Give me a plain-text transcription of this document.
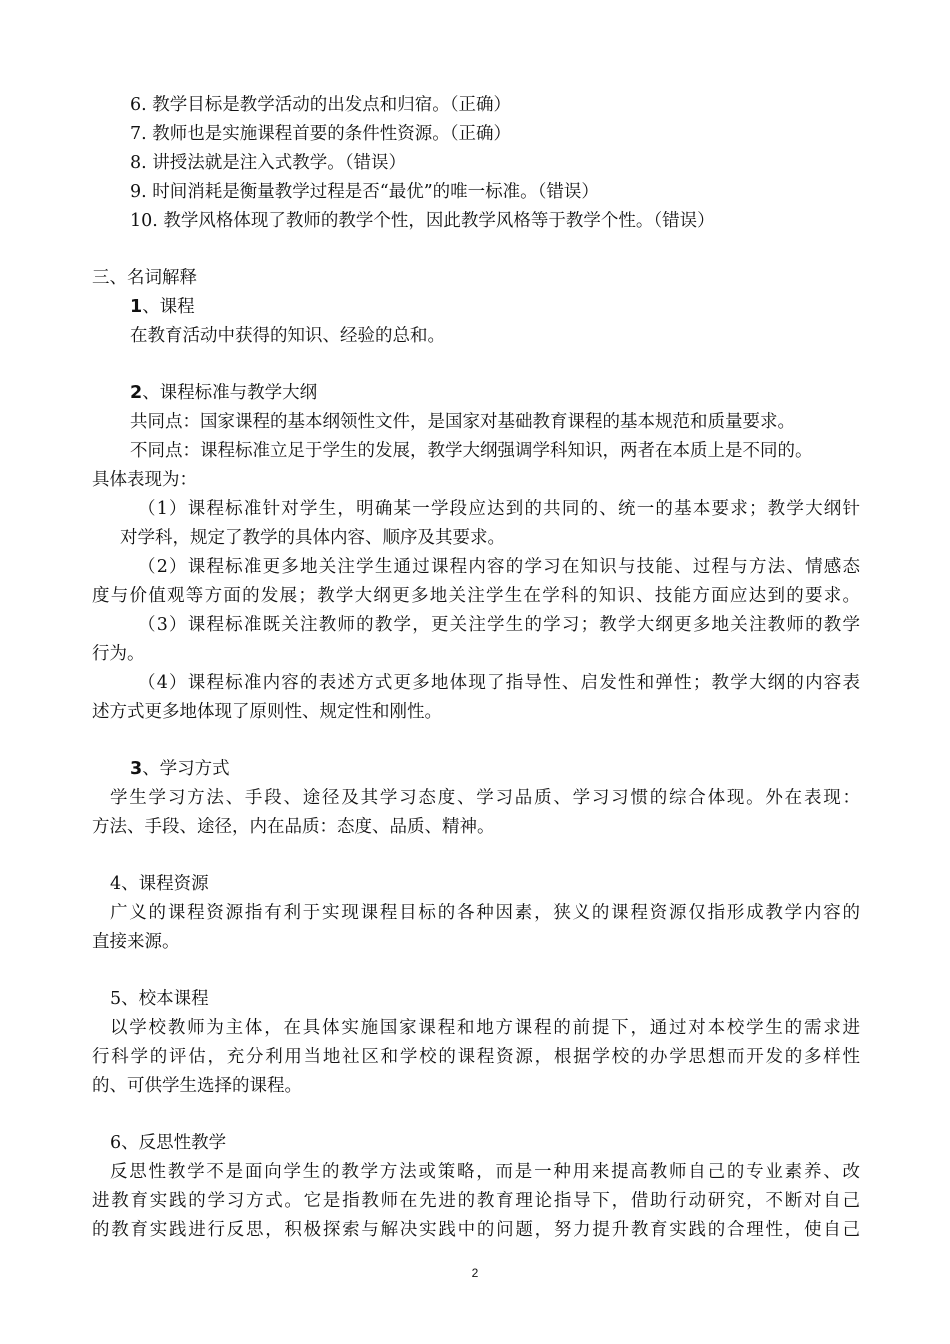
6. 教学目标是教学活动的出发点和归宿。（正确）
7. 教师也是实施课程首要的条件性资源。（正确）
8. 讲授法就是注入式教学。（错误）
9. 时间消耗是衡量教学过程是否“最优”的唯一标准。（错误）
10. 教学风格体现了教师的教学个性，因此教学风格等于教学个性。（错误）
三、名词解释
1、课程
在教育活动中获得的知识、经验的总和。
2、课程标准与教学大纲
共同点：国家课程的基本纲领性文件，是国家对基础教育课程的基本规范和质量要求。
不同点：课程标准立足于学生的发展，教学大纲强调学科知识，两者在本质上是不同的。
具体表现为：
（1）课程标准针对学生，明确某一学段应达到的共同的、统一的基本要求；教学大纲针
对学科，规定了教学的具体内容、顺序及其要求。
（2）课程标准更多地关注学生通过课程内容的学习在知识与技能、过程与方法、情感态
度与价值观等方面的发展；教学大纲更多地关注学生在学科的知识、技能方面应达到的要求。
（3）课程标准既关注教师的教学，更关注学生的学习；教学大纲更多地关注教师的教学
行为。
（4）课程标准内容的表述方式更多地体现了指导性、启发性和弹性；教学大纲的内容表
述方式更多地体现了原则性、规定性和刚性。
3、学习方式
学生学习方法、手段、途径及其学习态度、学习品质、学习习惯的综合体现。外在表现：
方法、手段、途径，内在品质：态度、品质、精神。
4、课程资源
广义的课程资源指有利于实现课程目标的各种因素，狭义的课程资源仅指形成教学内容的
直接来源。
5、校本课程
以学校教师为主体，在具体实施国家课程和地方课程的前提下，通过对本校学生的需求进
行科学的评估，充分利用当地社区和学校的课程资源，根据学校的办学思想而开发的多样性
的、可供学生选择的课程。
6、反思性教学
反思性教学不是面向学生的教学方法或策略，而是一种用来提高教师自己的专业素养、改
进教育实践的学习方式。它是指教师在先进的教育理论指导下，借助行动研究，不断对自己
的教育实践进行反思，积极探索与解决实践中的问题，努力提升教育实践的合理性，使自己
2
